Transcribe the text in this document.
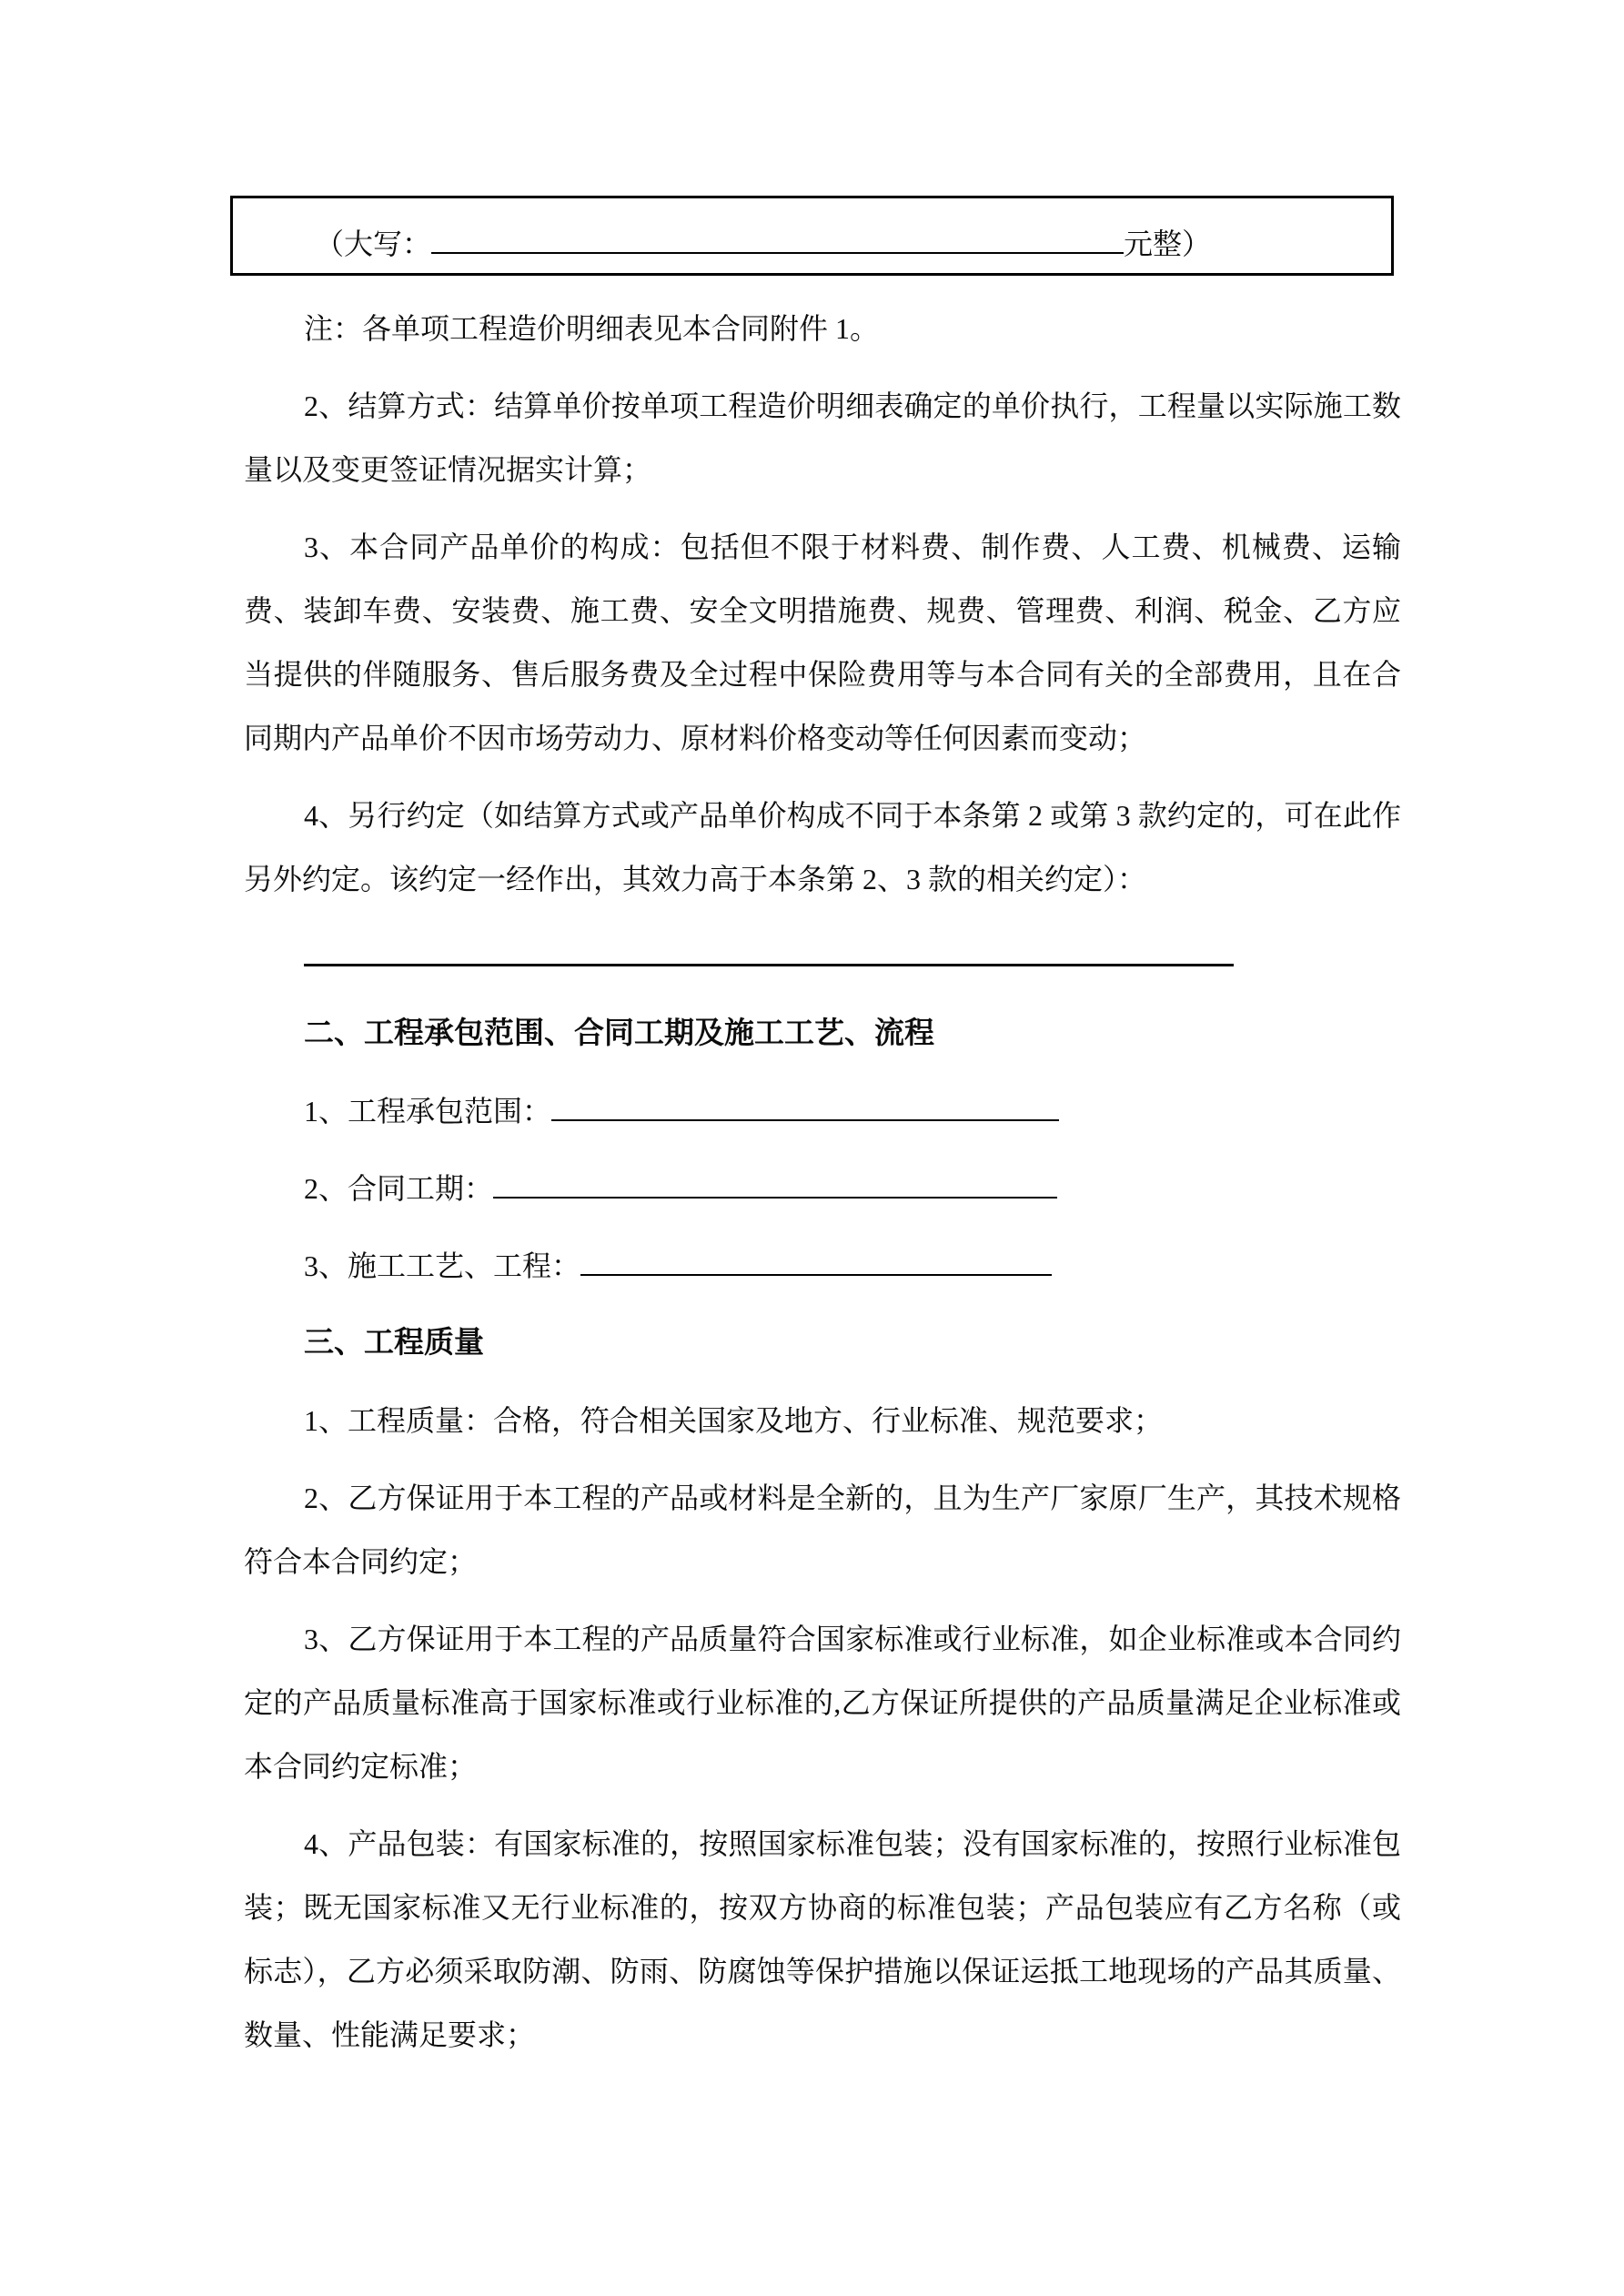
（大写：	元整）

注：各单项工程造价明细表见本合同附件 1。

2、结算方式：结算单价按单项工程造价明细表确定的单价执行，工程量以实际施工数量以及变更签证情况据实计算；

3、本合同产品单价的构成：包括但不限于材料费、制作费、人工费、机械费、运输费、装卸车费、安装费、施工费、安全文明措施费、规费、管理费、利润、税金、乙方应当提供的伴随服务、售后服务费及全过程中保险费用等与本合同有关的全部费用，且在合同期内产品单价不因市场劳动力、原材料价格变动等任何因素而变动；

4、另行约定（如结算方式或产品单价构成不同于本条第 2 或第 3 款约定的，可在此作另外约定。该约定一经作出，其效力高于本条第 2、3 款的相关约定）：

二、工程承包范围、合同工期及施工工艺、流程

1、工程承包范围：

2、合同工期：

3、施工工艺、工程：

三、工程质量

1、工程质量：合格，符合相关国家及地方、行业标准、规范要求；

2、乙方保证用于本工程的产品或材料是全新的，且为生产厂家原厂生产，其技术规格符合本合同约定；

3、乙方保证用于本工程的产品质量符合国家标准或行业标准，如企业标准或本合同约定的产品质量标准高于国家标准或行业标准的,乙方保证所提供的产品质量满足企业标准或本合同约定标准；

4、产品包装：有国家标准的，按照国家标准包装；没有国家标准的，按照行业标准包装；既无国家标准又无行业标准的，按双方协商的标准包装；产品包装应有乙方名称（或标志），乙方必须采取防潮、防雨、防腐蚀等保护措施以保证运抵工地现场的产品其质量、数量、性能满足要求；
